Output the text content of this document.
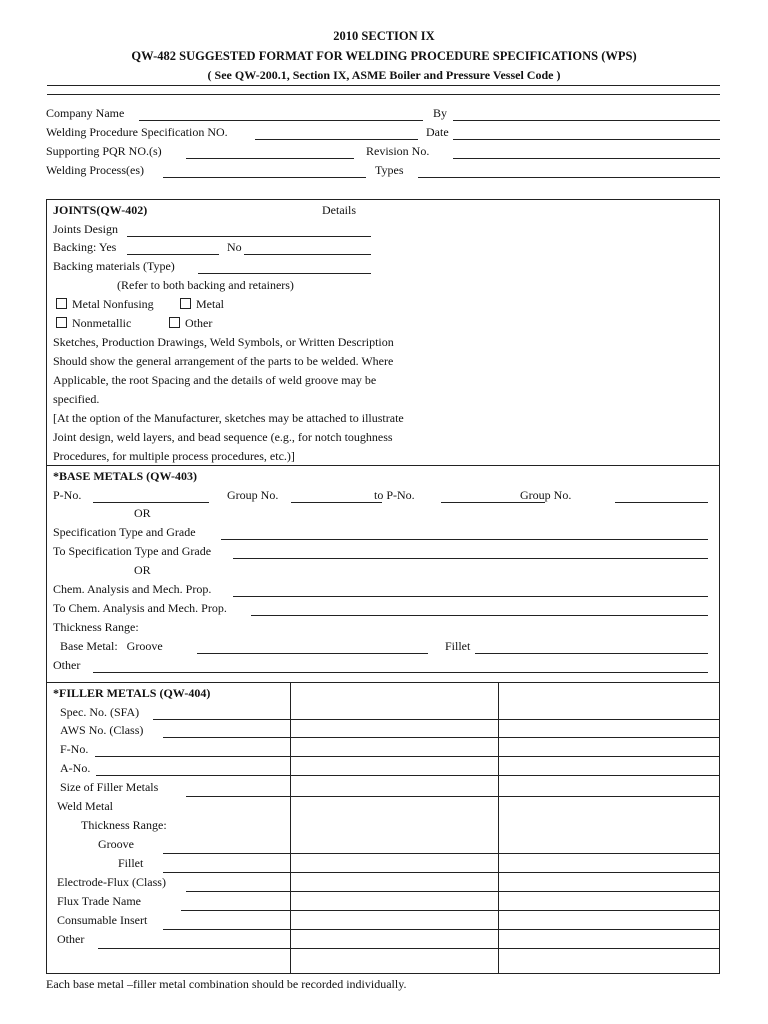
2010 SECTION IX
QW-482 SUGGESTED FORMAT FOR WELDING PROCEDURE SPECIFICATIONS (WPS)
( See QW-200.1, Section IX, ASME Boiler and Pressure Vessel Code )
Company Name	By
Welding Procedure Specification NO.	Date
Supporting PQR NO.(s)	Revision No.
Welding Process(es)	Types
JOINTS(QW-402)	Details
Joints Design
Backing: Yes	No
Backing materials (Type)
(Refer to both backing and retainers)
Metal Nonfusing	Metal
Nonmetallic	Other
Sketches, Production Drawings, Weld Symbols, or Written Description
Should show the general arrangement of the parts to be welded. Where
Applicable, the root Spacing and the details of weld groove may be
specified.
[At the option of the Manufacturer, sketches may be attached to illustrate
Joint design, weld layers, and bead sequence (e.g., for notch toughness
Procedures, for multiple process procedures, etc.)]
*BASE METALS (QW-403)
P-No.	Group No.	to P-No.	Group No.
OR
Specification Type and Grade
To Specification Type and Grade
OR
Chem. Analysis and Mech. Prop.
To Chem. Analysis and Mech. Prop.
Thickness Range:
Base Metal:   Groove	Fillet
Other
*FILLER METALS (QW-404)
Spec. No. (SFA)
AWS No. (Class)
F-No.
A-No.
Size of Filler Metals
Weld Metal
Thickness Range:
Groove
Fillet
Electrode-Flux (Class)
Flux Trade Name
Consumable Insert
Other
Each base metal –filler metal combination should be recorded individually.
